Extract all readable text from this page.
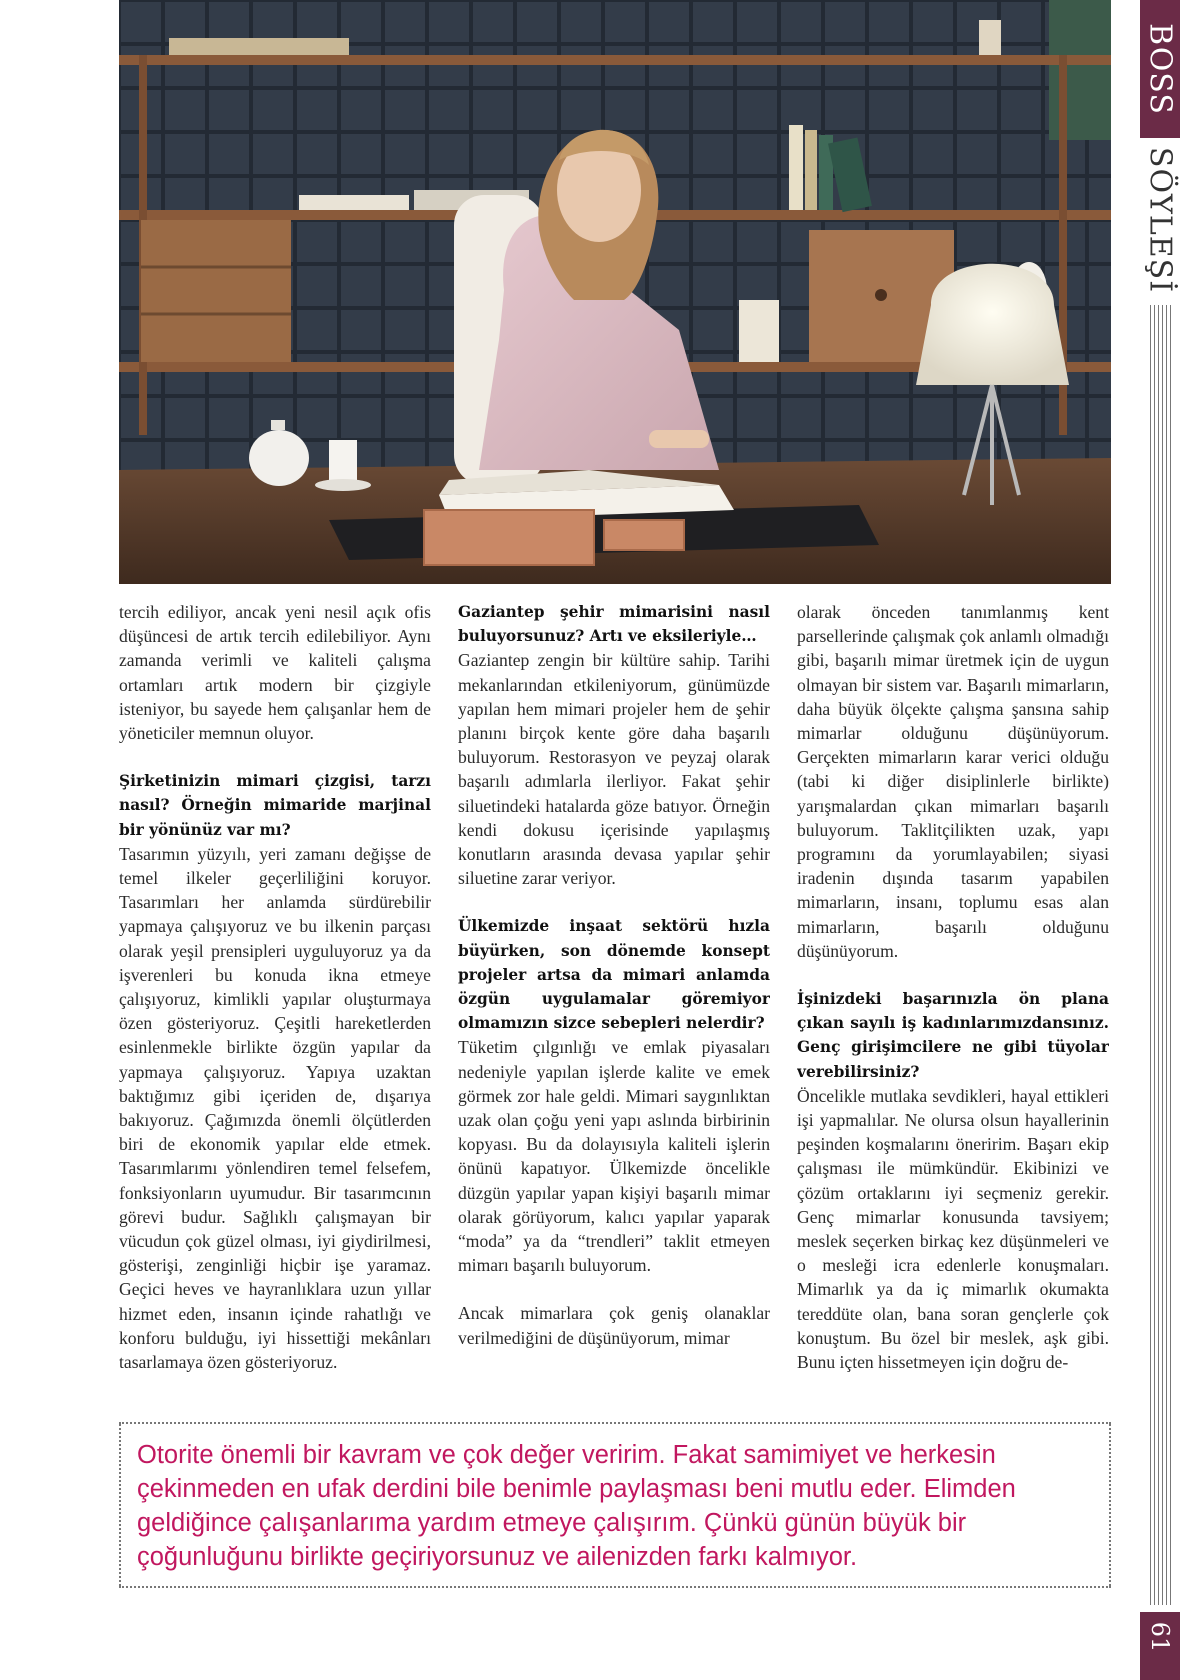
tercih ediliyor, ancak yeni nesil açık ofis düşüncesi de artık tercih edilebiliyor. Aynı zamanda verimli ve kaliteli çalışma ortamları artık modern bir çizgiyle isteniyor, bu sayede hem çalışanlar hem de yöneticiler memnun oluyor.

Şirketinizin mimari çizgisi, tarzı nasıl? Örneğin mimaride marjinal bir yönünüz var mı?

Tasarımın yüzyılı, yeri zamanı değişse de temel ilkeler geçerliliğini koruyor. Tasarımları her anlamda sürdürebilir yapmaya çalışıyoruz ve bu ilkenin parçası olarak yeşil prensipleri uyguluyoruz ya da işverenleri bu konuda ikna etmeye çalışıyoruz, kimlikli yapılar oluşturmaya özen gösteriyoruz. Çeşitli hareketlerden esinlenmekle birlikte özgün yapılar da yapmaya çalışıyoruz. Yapıya uzaktan baktığımız gibi içeriden de, dışarıya bakıyoruz. Çağımızda önemli ölçütlerden biri de ekonomik yapılar elde etmek. Tasarımlarımı yönlendiren temel felsefem, fonksiyonların uyumudur. Bir tasarımcının görevi budur. Sağlıklı çalışmayan bir vücudun çok güzel olması, iyi giydirilmesi, gösterişi, zenginliği hiçbir işe yaramaz. Geçici heves ve hayranlıklara uzun yıllar hizmet eden, insanın içinde rahatlığı ve konforu bulduğu, iyi hissettiği mekânları tasarlamaya özen gösteriyoruz.

Gaziantep şehir mimarisini nasıl buluyorsunuz? Artı ve eksileriyle…

Gaziantep zengin bir kültüre sahip. Tarihi mekanlarından etkileniyorum, günümüzde yapılan hem mimari projeler hem de şehir planını birçok kente göre daha başarılı buluyorum. Restorasyon ve peyzaj olarak başarılı adımlarla ilerliyor. Fakat şehir siluetindeki hatalarda göze batıyor. Örneğin kendi dokusu içerisinde yapılaşmış konutların arasında devasa yapılar şehir siluetine zarar veriyor.

Ülkemizde inşaat sektörü hızla büyürken, son dönemde konsept projeler artsa da mimari anlamda özgün uygulamalar göremiyor olmamızın sizce sebepleri nelerdir?

Tüketim çılgınlığı ve emlak piyasaları nedeniyle yapılan işlerde kalite ve emek görmek zor hale geldi. Mimari saygınlıktan uzak olan çoğu yeni yapı aslında birbirinin kopyası. Bu da dolayısıyla kaliteli işlerin önünü kapatıyor. Ülkemizde öncelikle düzgün yapılar yapan kişiyi başarılı mimar olarak görüyorum, kalıcı yapılar yaparak “moda” ya da “trendleri” taklit etmeyen mimarı başarılı buluyorum.

Ancak mimarlara çok geniş olanaklar verilmediğini de düşünüyorum, mimar

olarak önceden tanımlanmış kent parsellerinde çalışmak çok anlamlı olmadığı gibi, başarılı mimar üretmek için de uygun olmayan bir sistem var. Başarılı mimarların, daha büyük ölçekte çalışma şansına sahip mimarlar olduğunu düşünüyorum. Gerçekten mimarların karar verici olduğu (tabi ki diğer disiplinlerle birlikte) yarışmalardan çıkan mimarları başarılı buluyorum. Taklitçilikten uzak, yapı programını da yorumlayabilen; siyasi iradenin dışında tasarım yapabilen mimarların, insanı, toplumu esas alan mimarların, başarılı olduğunu düşünüyorum.

İşinizdeki başarınızla ön plana çıkan sayılı iş kadınlarımızdansınız. Genç girişimcilere ne gibi tüyolar verebilirsiniz?

Öncelikle mutlaka sevdikleri, hayal ettikleri işi yapmalılar. Ne olursa olsun hayallerinin peşinden koşmalarını öneririm. Başarı ekip çalışması ile mümkündür. Ekibinizi ve çözüm ortaklarını iyi seçmeniz gerekir. Genç mimarlar konusunda tavsiyem; meslek seçerken birkaç kez düşünmeleri ve o mesleği icra edenlerle konuşmaları. Mimarlık ya da iç mimarlık okumakta tereddüte olan, bana soran gençlerle çok konuştum. Bu özel bir meslek, aşk gibi. Bunu içten hissetmeyen için doğru de-

Otorite önemli bir kavram ve çok değer veririm. Fakat samimiyet ve herkesin çekinmeden en ufak derdini bile benimle paylaşması beni mutlu eder. Elimden geldiğince çalışanlarıma yardım etmeye çalışırım. Çünkü günün büyük bir çoğunluğunu birlikte geçiriyorsunuz ve ailenizden farkı kalmıyor.
BOSS
SÖYLEŞİ
61
